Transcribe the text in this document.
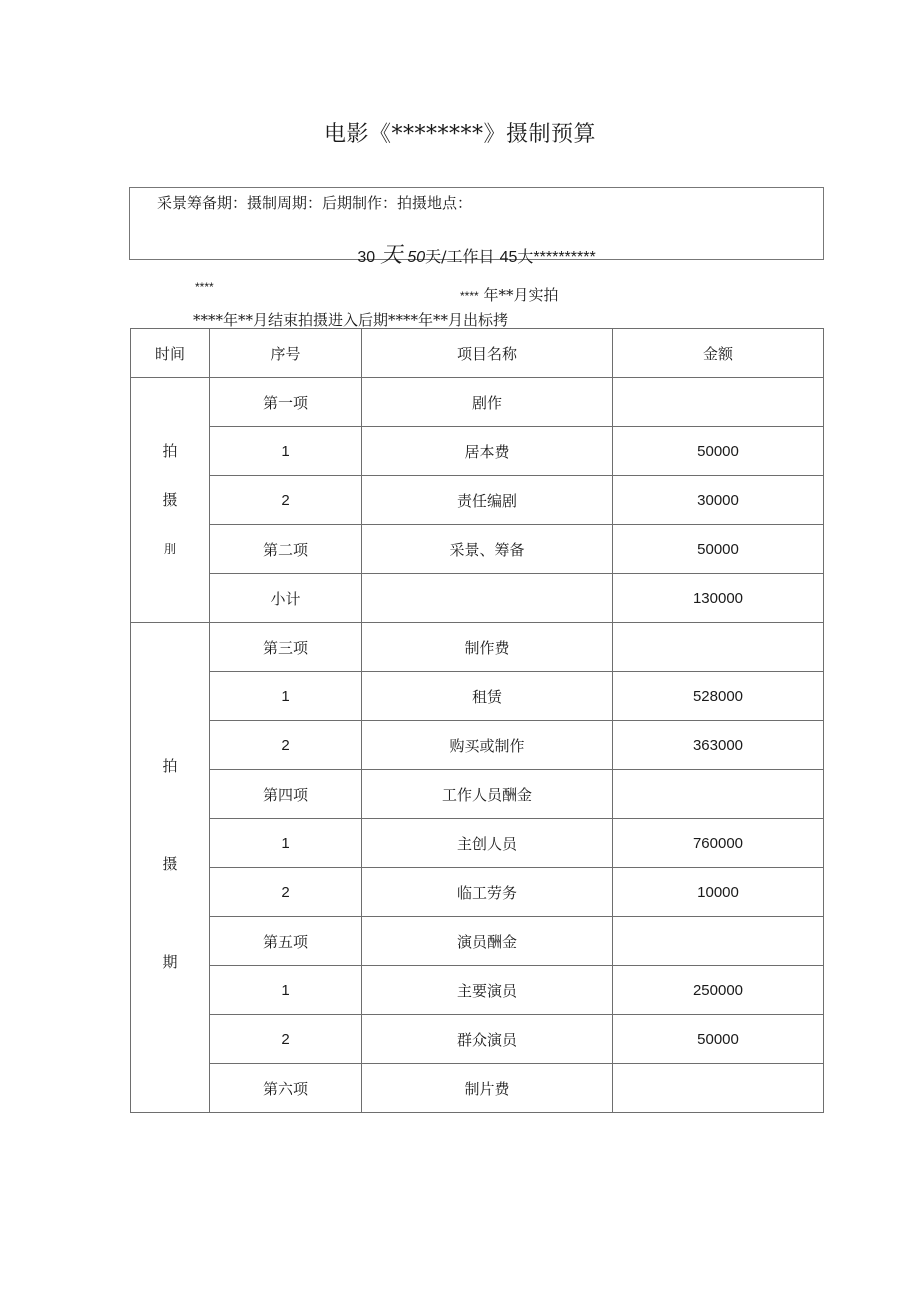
电影《********》摄制预算
采景筹备期：摄制周期：后期制作：拍摄地点：
30 天 50天/工作日 45大**********
****
**** 年**月实拍
****年**月结束拍摄进入后期****年**月出标拷
时间	序号	项目名称	金额

拍
摄
刖	第一项	剧作	
	1	居本费	50000
	2	责任编剧	30000
	第二项	采景、筹备	50000
	小计		130000

拍
摄
期	第三项	制作费	
	1	租赁	528000
	2	购买或制作	363000
	第四项	工作人员酬金	
	1	主创人员	760000
	2	临工劳务	10000
	第五项	演员酬金	
	1	主要演员	250000
	2	群众演员	50000
	第六项	制片费	
